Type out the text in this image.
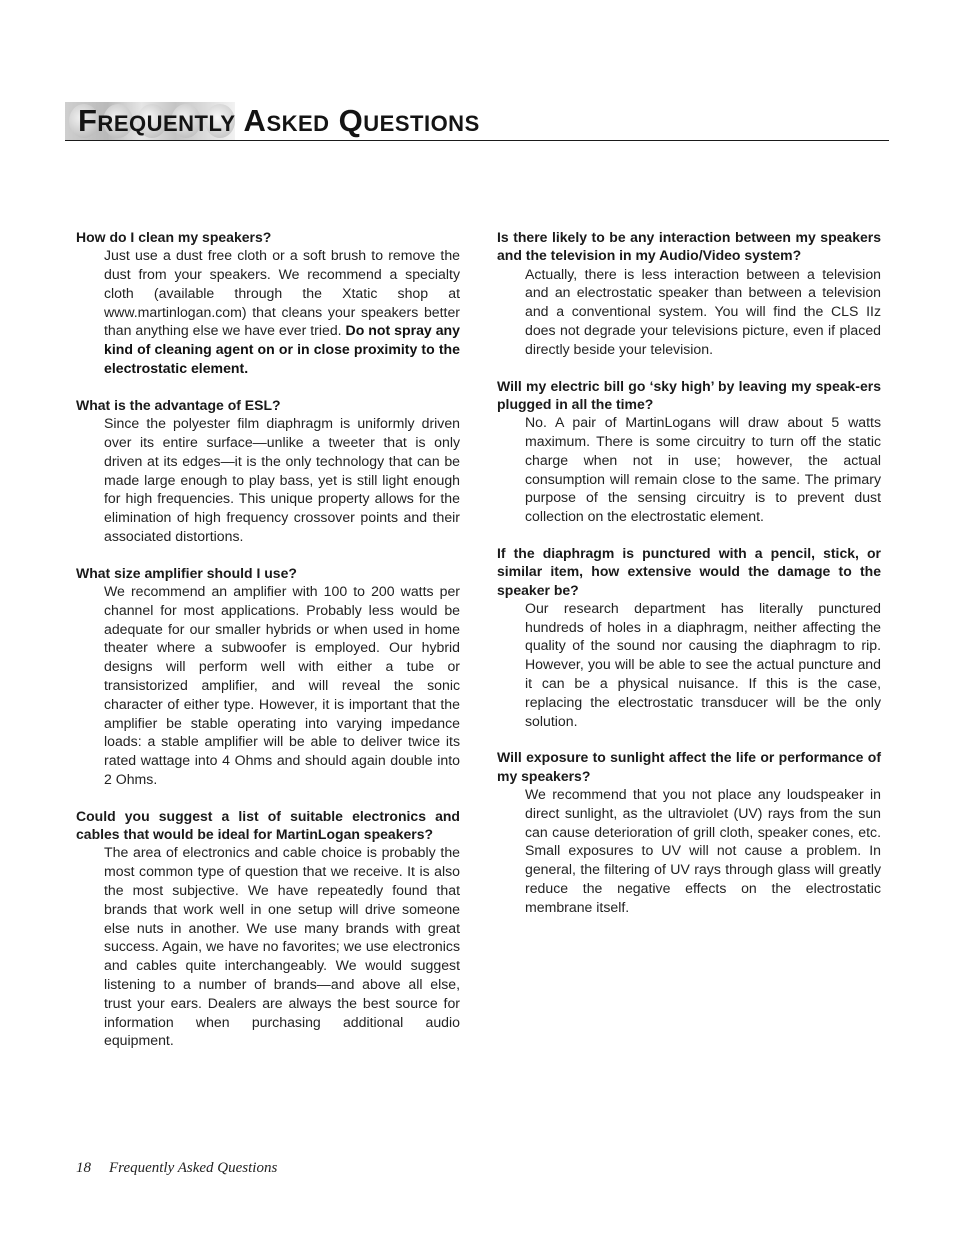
Frequently Asked Questions

How do I clean my speakers?

Just use a dust free cloth or a soft brush to remove the dust from your speakers. We recommend a specialty cloth (available through the Xtatic shop at www.martinlogan.com) that cleans your speakers better than anything else we have ever tried. Do not spray any kind of cleaning agent on or in close proximity to the electrostatic element.

What is the advantage of ESL?

Since the polyester film diaphragm is uniformly driven over its entire surface—unlike a tweeter that is only driven at its edges—it is the only technology that can be made large enough to play bass, yet is still light enough for high frequencies. This unique property allows for the elimination of high frequency crossover points and their associated distortions.

What size amplifier should I use?

We recommend an amplifier with 100 to 200 watts per channel for most applications. Probably less would be adequate for our smaller hybrids or when used in home theater where a subwoofer is employed. Our hybrid designs will perform well with either a tube or transistorized amplifier, and will reveal the sonic character of either type. However, it is important that the amplifier be stable operating into varying impedance loads: a stable amplifier will be able to deliver twice its rated wattage into 4 Ohms and should again double into 2 Ohms.

Could you suggest a list of suitable electronics and cables that would be ideal for MartinLogan speakers?

The area of electronics and cable choice is probably the most common type of question that we receive. It is also the most subjective. We have repeatedly found that brands that work well in one setup will drive someone else nuts in another. We use many brands with great success. Again, we have no favorites; we use electronics and cables quite interchangeably. We would suggest listening to a number of brands—and above all else, trust your ears. Dealers are always the best source for information when purchasing additional audio equipment.

Is there likely to be any interaction between my speakers and the television in my Audio/Video system?

Actually, there is less interaction between a television and an electrostatic speaker than between a television and a conventional system. You will find the CLS IIz does not degrade your televisions picture, even if placed directly beside your television.

Will my electric bill go ‘sky high’ by leaving my speak-ers plugged in all the time?

No. A pair of MartinLogans will draw about 5 watts maximum. There is some circuitry to turn off the static charge when not in use; however, the actual consumption will remain close to the same. The primary purpose of the sensing circuitry is to prevent dust collection on the electrostatic element.

If the diaphragm is punctured with a pencil, stick, or similar item, how extensive would the damage to the speaker be?

Our research department has literally punctured hundreds of holes in a diaphragm, neither affecting the quality of the sound nor causing the diaphragm to rip. However, you will be able to see the actual puncture and it can be a physical nuisance. If this is the case, replacing the electrostatic transducer will be the only solution.

Will exposure to sunlight affect the life or performance of my speakers?

We recommend that you not place any loudspeaker in direct sunlight, as the ultraviolet (UV) rays from the sun can cause deterioration of grill cloth, speaker cones, etc. Small exposures to UV will not cause a problem. In general, the filtering of UV rays through glass will greatly reduce the negative effects on the electrostatic membrane itself.

18 Frequently Asked Questions
